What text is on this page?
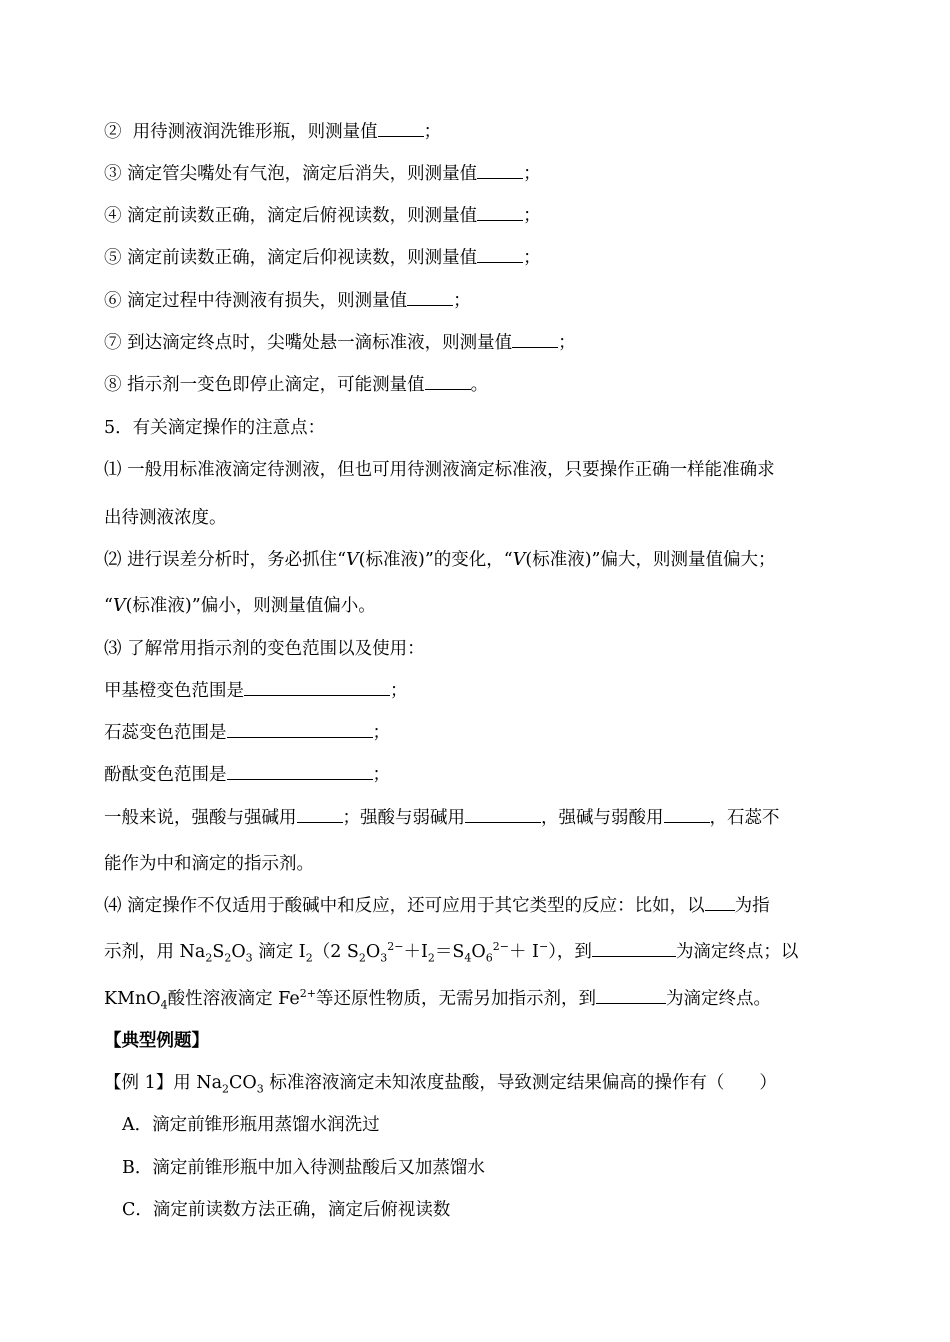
② 用待测液润洗锥形瓶，则测量值	；
③ 滴定管尖嘴处有气泡，滴定后消失，则测量值	；
④ 滴定前读数正确，滴定后俯视读数，则测量值	；
⑤ 滴定前读数正确，滴定后仰视读数，则测量值	；
⑥ 滴定过程中待测液有损失，则测量值	；
⑦ 到达滴定终点时，尖嘴处悬一滴标准液，则测量值	；
⑧ 指示剂一变色即停止滴定，可能测量值	。
5．有关滴定操作的注意点：
⑴ 一般用标准液滴定待测液，但也可用待测液滴定标准液，只要操作正确一样能准确求
出待测液浓度。
⑵ 进行误差分析时，务必抓住“V(标准液)”的变化，“V(标准液)”偏大，则测量值偏大；
“V(标准液)”偏小，则测量值偏小。
⑶ 了解常用指示剂的变色范围以及使用：
甲基橙变色范围是	；
石蕊变色范围是	；
酚酞变色范围是	；
一般来说，强酸与强碱用	；强酸与弱碱用	，强碱与弱酸用	，石蕊不
能作为中和滴定的指示剂。
⑷ 滴定操作不仅适用于酸碱中和反应，还可应用于其它类型的反应：比如，以 为指
示剂，用 $Na_2S_2O_3$ 滴定 $I_2(2$ $S_2O_3^{2-}+I_2=S_4O_6^{2-}+ I^-$），到	为滴定终点；以
KMnO$_4$酸性溶液滴定 $Fe^{2+}$等还原性物质，无需另加指示剂，到	为滴定终点。
【典型例题】
【例 1】用 $Na_2CO_3$ 标准溶液滴定未知浓度盐酸，导致测定结果偏高的操作有（　　）
A．滴定前锥形瓶用蒸馏水润洗过
B．滴定前锥形瓶中加入待测盐酸后又加蒸馏水
C．滴定前读数方法正确，滴定后俯视读数
